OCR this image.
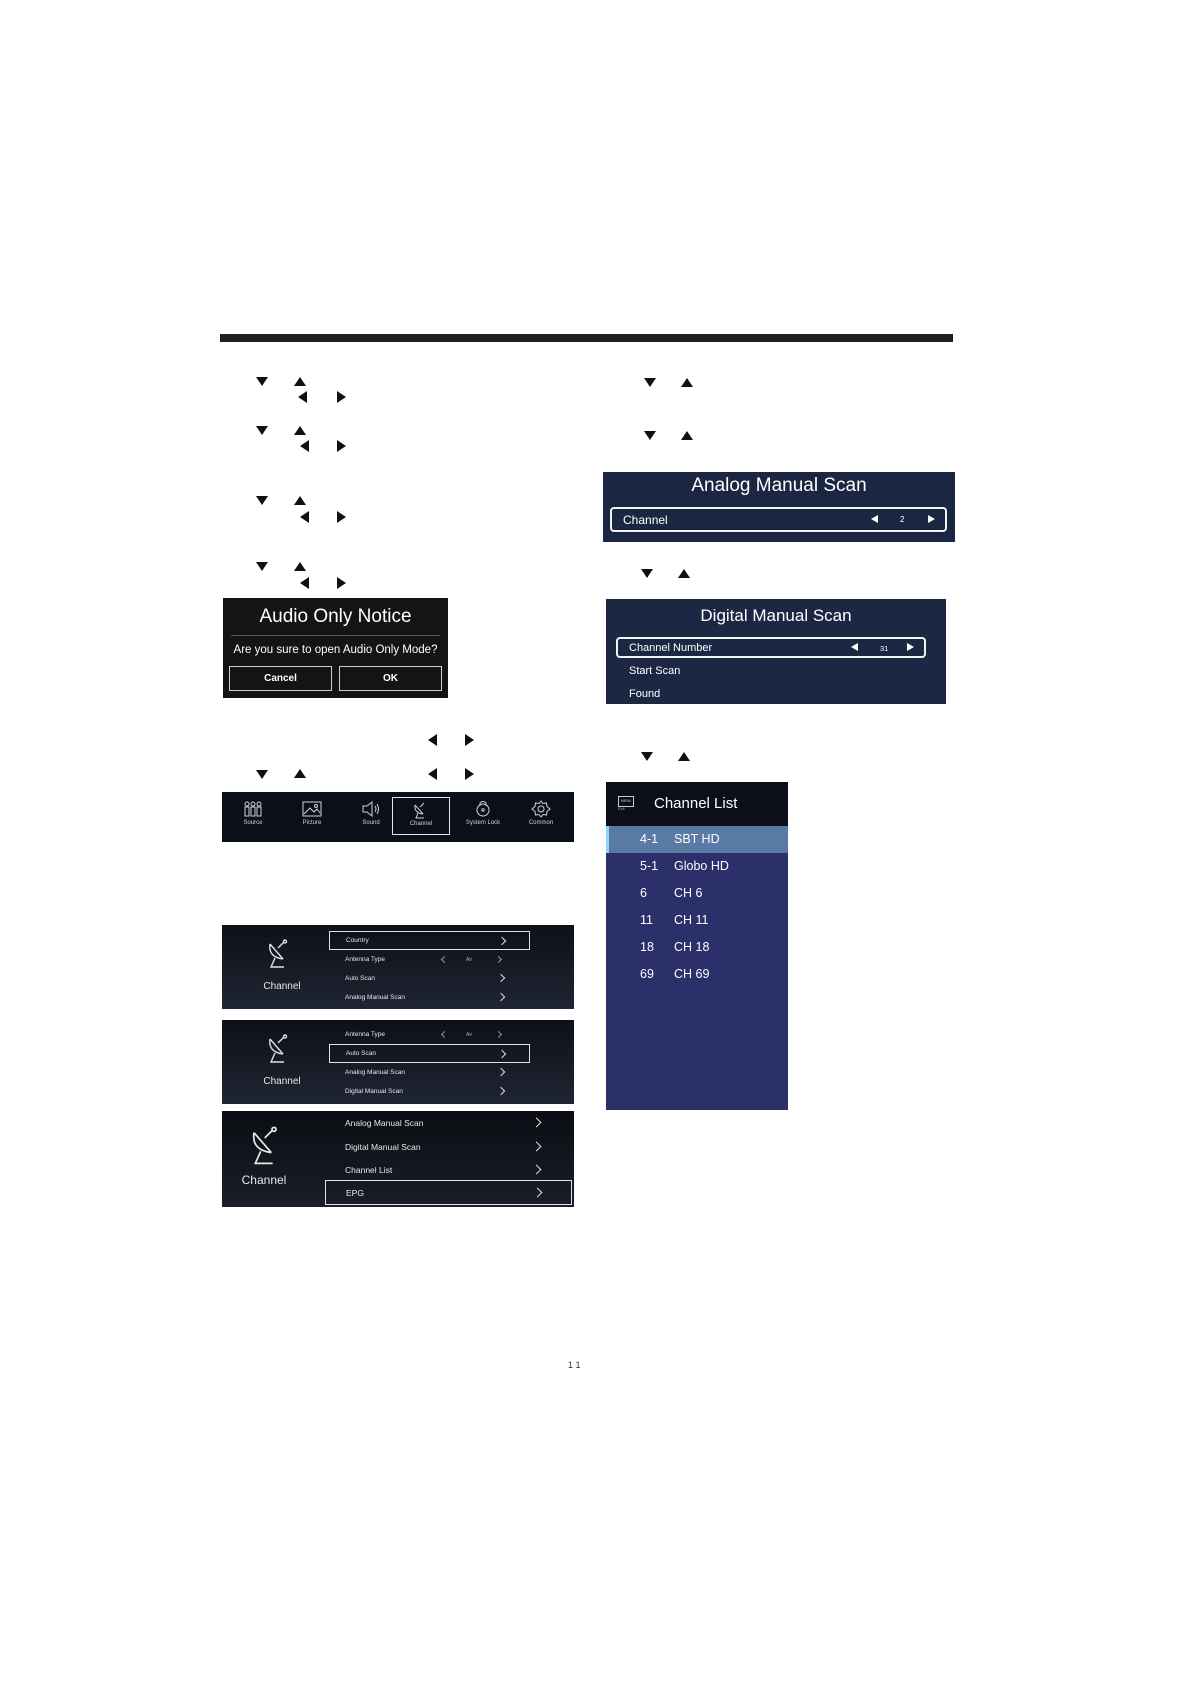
Audio Only Notice
Are you sure to open Audio Only Mode?
Cancel	OK
Source	Picture	Sound	Channel	System Lock	Common
Channel
Country
Antenna Type	Air
Auto Scan
Analog Manual Scan
Channel
Antenna Type	Air
Auto Scan
Analog Manual Scan
Digital Manual Scan
Channel
Analog Manual Scan
Digital Manual Scan
Channel List
EPG
Analog Manual Scan
Channel	2
Digital Manual Scan
Channel Number	31
Start Scan
Found
MENU
Exit Channel List
4-1 SBT HD
5-1 Globo HD
6 CH 6
11 CH 11
18 CH 18
69 CH 69
1 1
